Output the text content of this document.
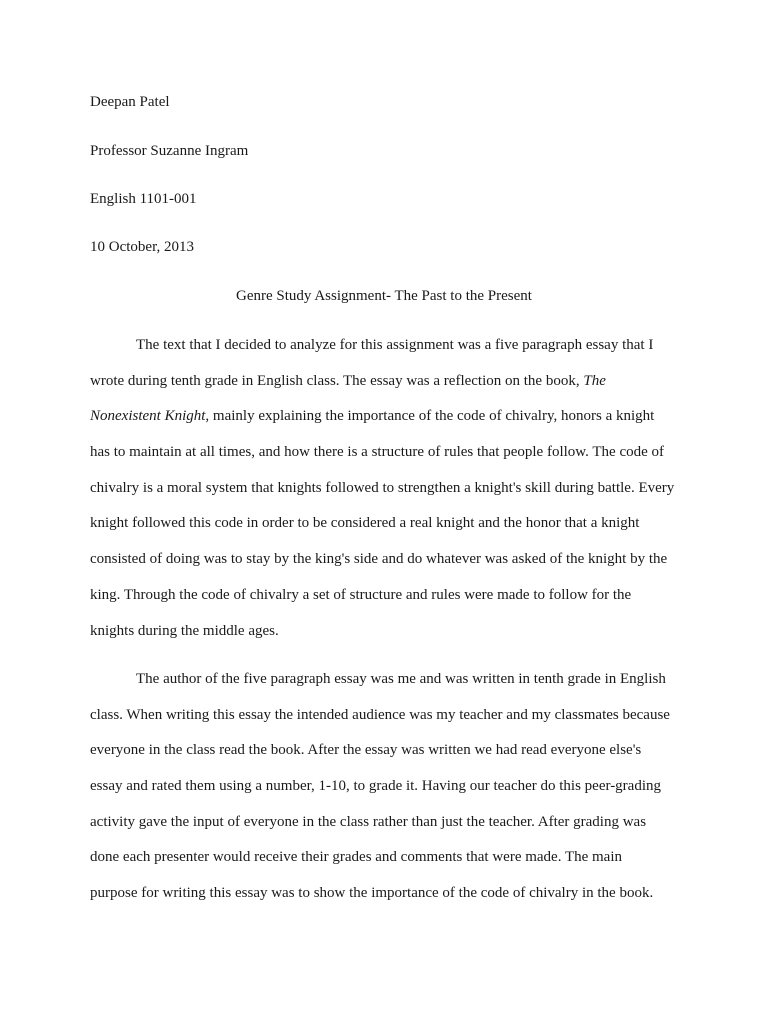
Deepan Patel

Professor Suzanne Ingram

English 1101-001

10 October, 2013

Genre Study Assignment- The Past to the Present

The text that I decided to analyze for this assignment was a five paragraph essay that I
wrote during tenth grade in English class. The essay was a reflection on the book, The
Nonexistent Knight, mainly explaining the importance of the code of chivalry, honors a knight
has to maintain at all times, and how there is a structure of rules that people follow. The code of
chivalry is a moral system that knights followed to strengthen a knight's skill during battle. Every
knight followed this code in order to be considered a real knight and the honor that a knight
consisted of doing was to stay by the king's side and do whatever was asked of the knight by the
king. Through the code of chivalry a set of structure and rules were made to follow for the
knights during the middle ages.
The author of the five paragraph essay was me and was written in tenth grade in English
class. When writing this essay the intended audience was my teacher and my classmates because
everyone in the class read the book. After the essay was written we had read everyone else's
essay and rated them using a number, 1-10, to grade it. Having our teacher do this peer-grading
activity gave the input of everyone in the class rather than just the teacher. After grading was
done each presenter would receive their grades and comments that were made. The main
purpose for writing this essay was to show the importance of the code of chivalry in the book.
